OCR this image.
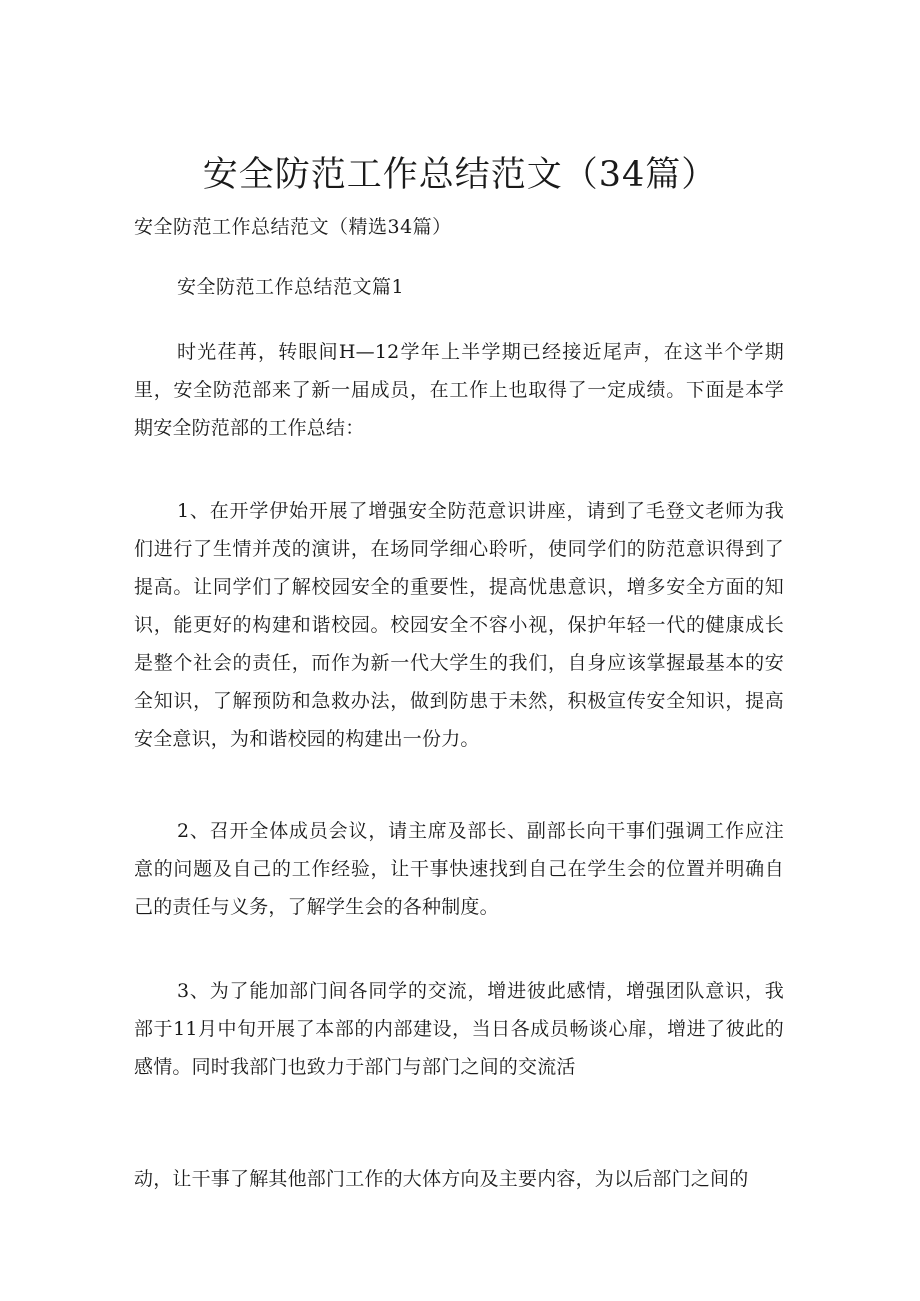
安全防范工作总结范文（34篇）
安全防范工作总结范文（精选34篇）
安全防范工作总结范文篇1

时光荏苒，转眼间H—12学年上半学期已经接近尾声，在这半个学期里，安全防范部来了新一届成员，在工作上也取得了一定成绩。下面是本学期安全防范部的工作总结：

1、在开学伊始开展了增强安全防范意识讲座，请到了毛登文老师为我们进行了生情并茂的演讲，在场同学细心聆听，使同学们的防范意识得到了提高。让同学们了解校园安全的重要性，提高忧患意识，增多安全方面的知识，能更好的构建和谐校园。校园安全不容小视，保护年轻一代的健康成长是整个社会的责任，而作为新一代大学生的我们，自身应该掌握最基本的安全知识，了解预防和急救办法，做到防患于未然，积极宣传安全知识，提高安全意识，为和谐校园的构建出一份力。

2、召开全体成员会议，请主席及部长、副部长向干事们强调工作应注意的问题及自己的工作经验，让干事快速找到自己在学生会的位置并明确自己的责任与义务，了解学生会的各种制度。

3、为了能加部门间各同学的交流，增进彼此感情，增强团队意识，我部于11月中旬开展了本部的内部建设，当日各成员畅谈心扉，增进了彼此的感情。同时我部门也致力于部门与部门之间的交流活

动，让干事了解其他部门工作的大体方向及主要内容，为以后部门之间的
